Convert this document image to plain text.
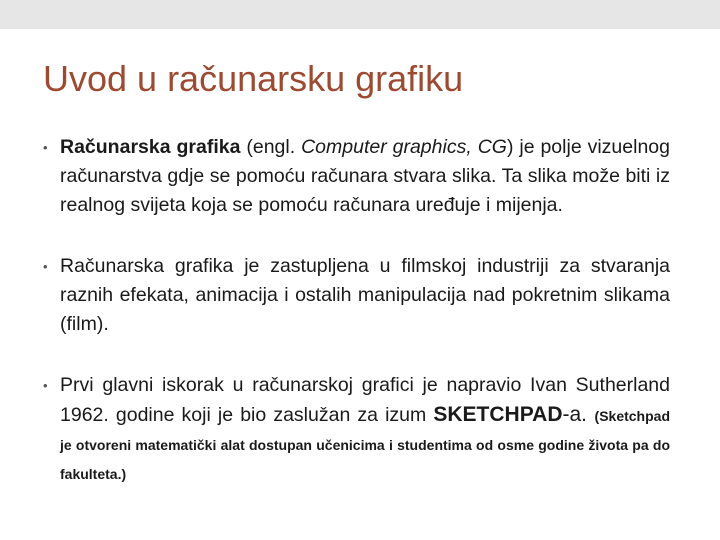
Uvod u računarsku grafiku
• Računarska grafika (engl. Computer graphics, CG) je polje vizuelnog računarstva gdje se pomoću računara stvara slika. Ta slika može biti iz realnog svijeta koja se pomoću računara uređuje i mijenja.
• Računarska grafika je zastupljena u filmskoj industriji za stvaranja raznih efekata, animacija i ostalih manipulacija nad pokretnim slikama (film).
• Prvi glavni iskorak u računarskoj grafici je napravio Ivan Sutherland 1962. godine koji je bio zaslužan za izum SKETCHPAD-a. (Sketchpad je otvoreni matematički alat dostupan učenicima i studentima od osme godine života pa do fakulteta.)
